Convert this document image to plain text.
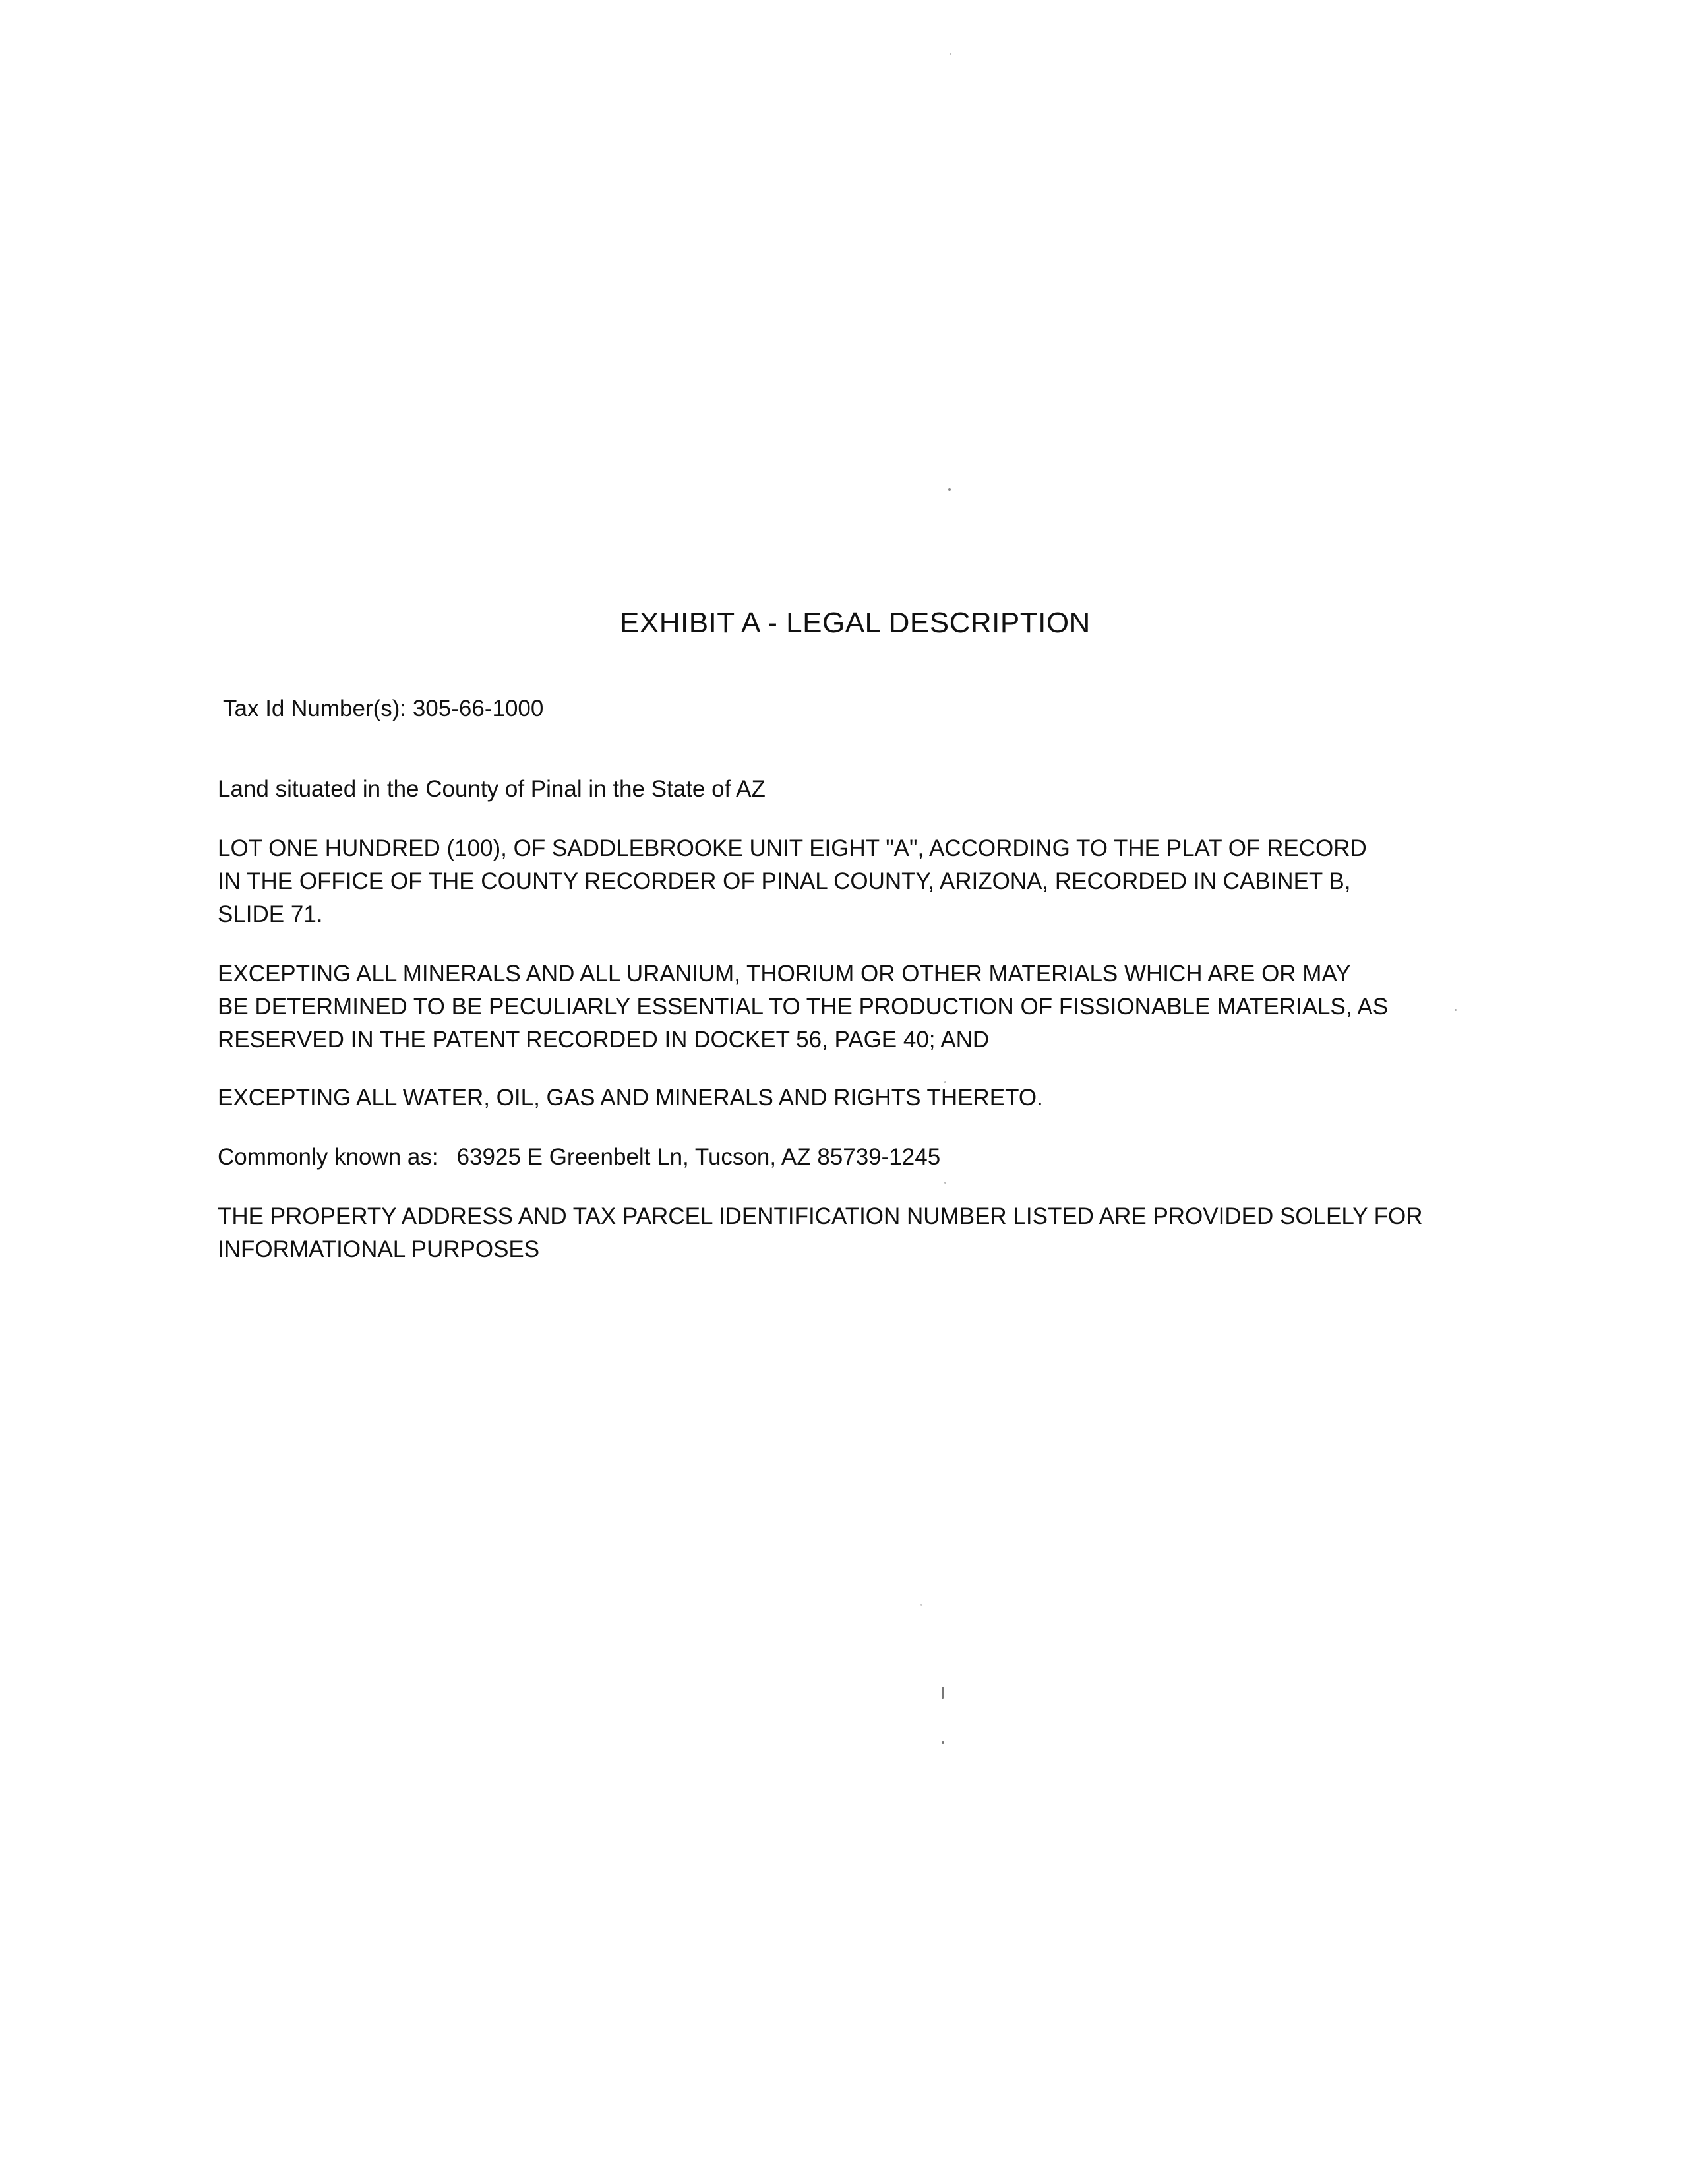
EXHIBIT A - LEGAL DESCRIPTION
Tax Id Number(s): 305-66-1000
Land situated in the County of Pinal in the State of AZ
LOT ONE HUNDRED (100), OF SADDLEBROOKE UNIT EIGHT "A", ACCORDING TO THE PLAT OF RECORD
IN THE OFFICE OF THE COUNTY RECORDER OF PINAL COUNTY, ARIZONA, RECORDED IN CABINET B,
SLIDE 71.
EXCEPTING ALL MINERALS AND ALL URANIUM, THORIUM OR OTHER MATERIALS WHICH ARE OR MAY
BE DETERMINED TO BE PECULIARLY ESSENTIAL TO THE PRODUCTION OF FISSIONABLE MATERIALS, AS
RESERVED IN THE PATENT RECORDED IN DOCKET 56, PAGE 40; AND
EXCEPTING ALL WATER, OIL, GAS AND MINERALS AND RIGHTS THERETO.
Commonly known as: 63925 E Greenbelt Ln, Tucson, AZ 85739-1245
THE PROPERTY ADDRESS AND TAX PARCEL IDENTIFICATION NUMBER LISTED ARE PROVIDED SOLELY FOR
INFORMATIONAL PURPOSES
